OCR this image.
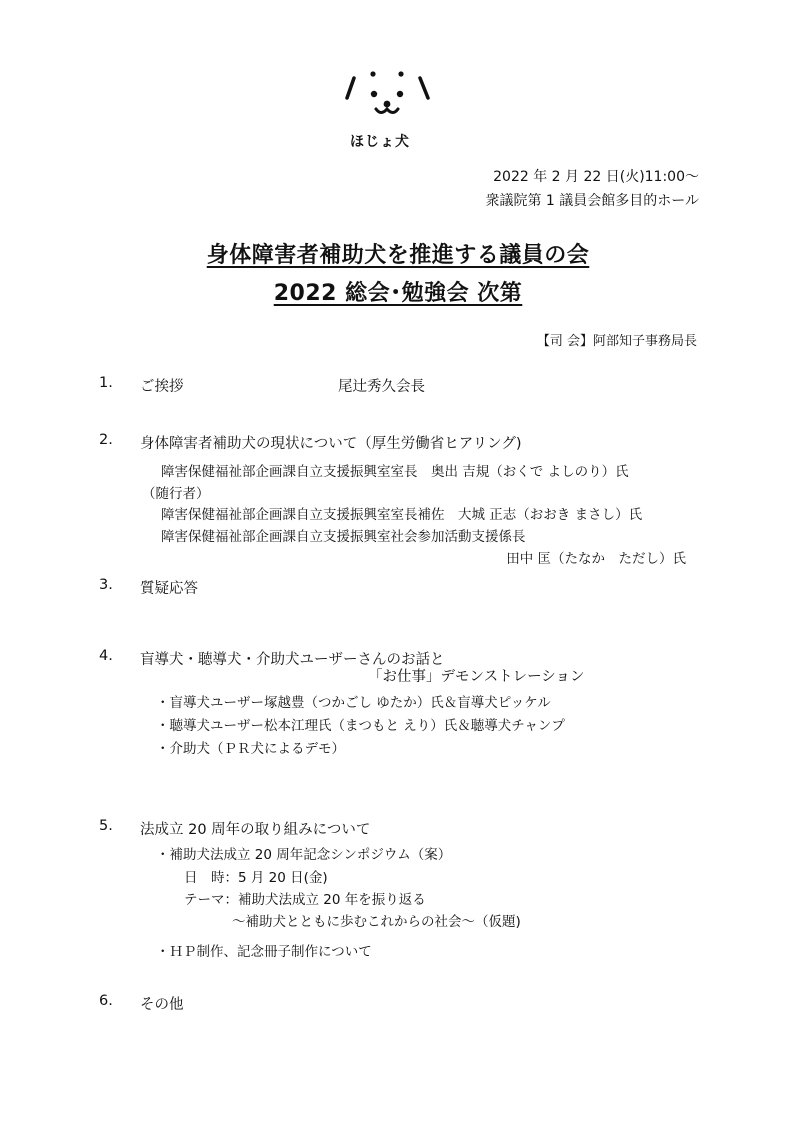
ほじょ犬
2022 年 2 月 22 日(火)11:00～
衆議院第 1 議員会館多目的ホール
身体障害者補助犬を推進する議員の会
2022 総会･勉強会 次第
【司 会】阿部知子事務局長
1. ご挨拶	尾辻秀久会長
2. 身体障害者補助犬の現状について（厚生労働省ヒアリング)
障害保健福祉部企画課自立支援振興室室長　奥出 吉規（おくで よしのり）氏
（随行者）
障害保健福祉部企画課自立支援振興室室長補佐　大城 正志（おおき まさし）氏
障害保健福祉部企画課自立支援振興室社会参加活動支援係長
田中 匡（たなか　ただし）氏
3. 質疑応答
4. 盲導犬・聴導犬・介助犬ユーザーさんのお話と
「お仕事」デモンストレーション
・盲導犬ユーザー塚越豊（つかごし ゆたか）氏＆盲導犬ピッケル
・聴導犬ユーザー松本江理氏（まつもと えり）氏＆聴導犬チャンプ
・介助犬（ＰＲ犬によるデモ）
5. 法成立 20 周年の取り組みについて
・補助犬法成立 20 周年記念シンポジウム（案）
日　時：5 月 20 日(金)
テーマ：補助犬法成立 20 年を振り返る
～補助犬とともに歩むこれからの社会～（仮題)
・ＨＰ制作、記念冊子制作について
6. その他
